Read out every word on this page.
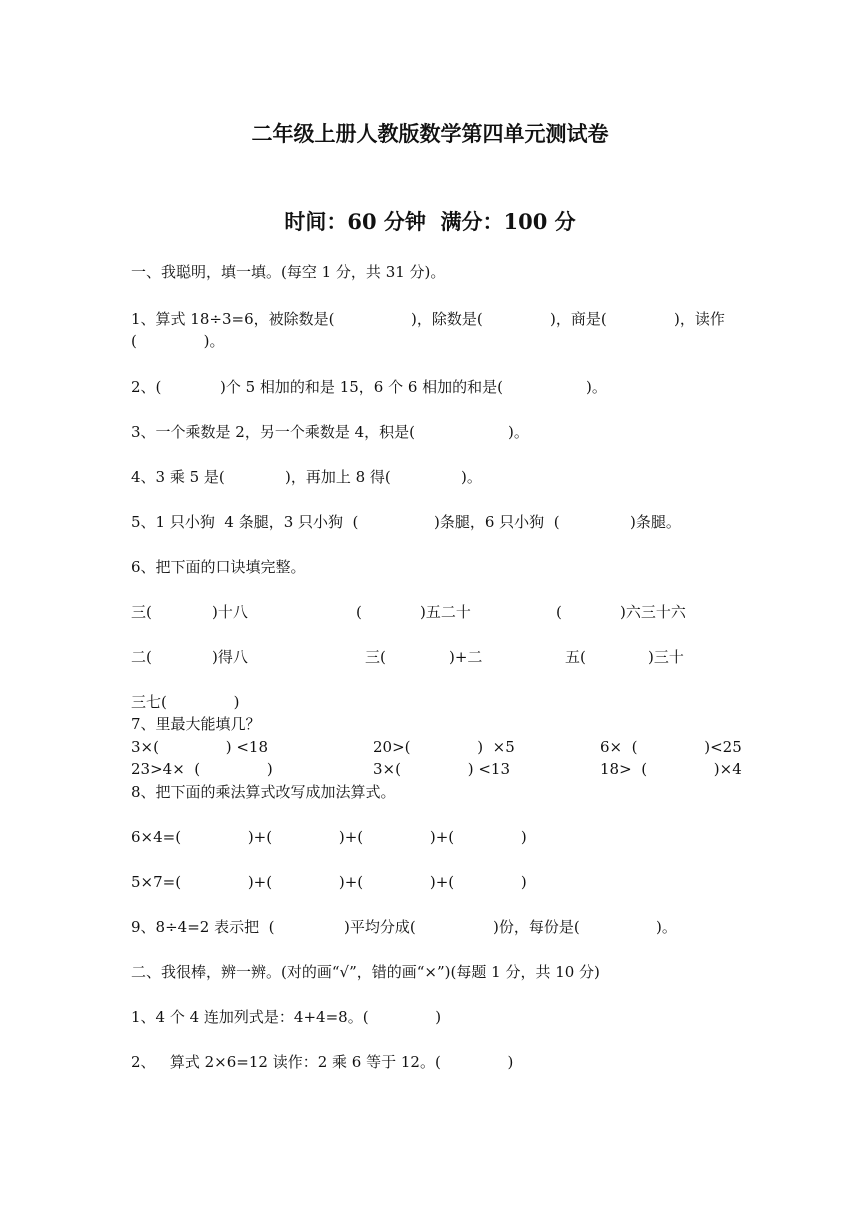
二年级上册人教版数学第四单元测试卷
时间：60 分钟  满分：100 分
一、我聪明，填一填。(每空 1 分，共 31 分)。
1、算式 18÷3=6，被除数是(	)，除数是(	)，商是(	)，读作
(              )。
2、(	)个 5 相加的和是 15，6 个 6 相加的和是(	)。
3、一个乘数是 2，另一个乘数是 4，积是(	)。
4、3 乘 5 是(	)，再加上 8 得(	)。
5、1 只小狗  4 条腿，3 只小狗  (	)条腿，6 只小狗  (	)条腿。
6、把下面的口诀填完整。
三(	)十八	(	)五二十	(	)六三十六
二(	)得八	三(	)+二	五(	)三十
三七(              )
7、里最大能填几？
3×(              ) <18	20>(              )  ×5	6×  (              )<25
23>4×  (              )	3×(              ) <13	18>  (              )×4
8、把下面的乘法算式改写成加法算式。
6×4=(              )+(              )+(              )+(              )
5×7=(              )+(              )+(              )+(              )
9、8÷4=2 表示把  (	)平均分成(	)份，每份是(	)。
二、我很棒，辨一辨。(对的画“√”，错的画“×”)(每题 1 分，共 10 分)
1、4 个 4 连加列式是：4+4=8。(              )
2、   算式 2×6=12 读作：2 乘 6 等于 12。(              )
